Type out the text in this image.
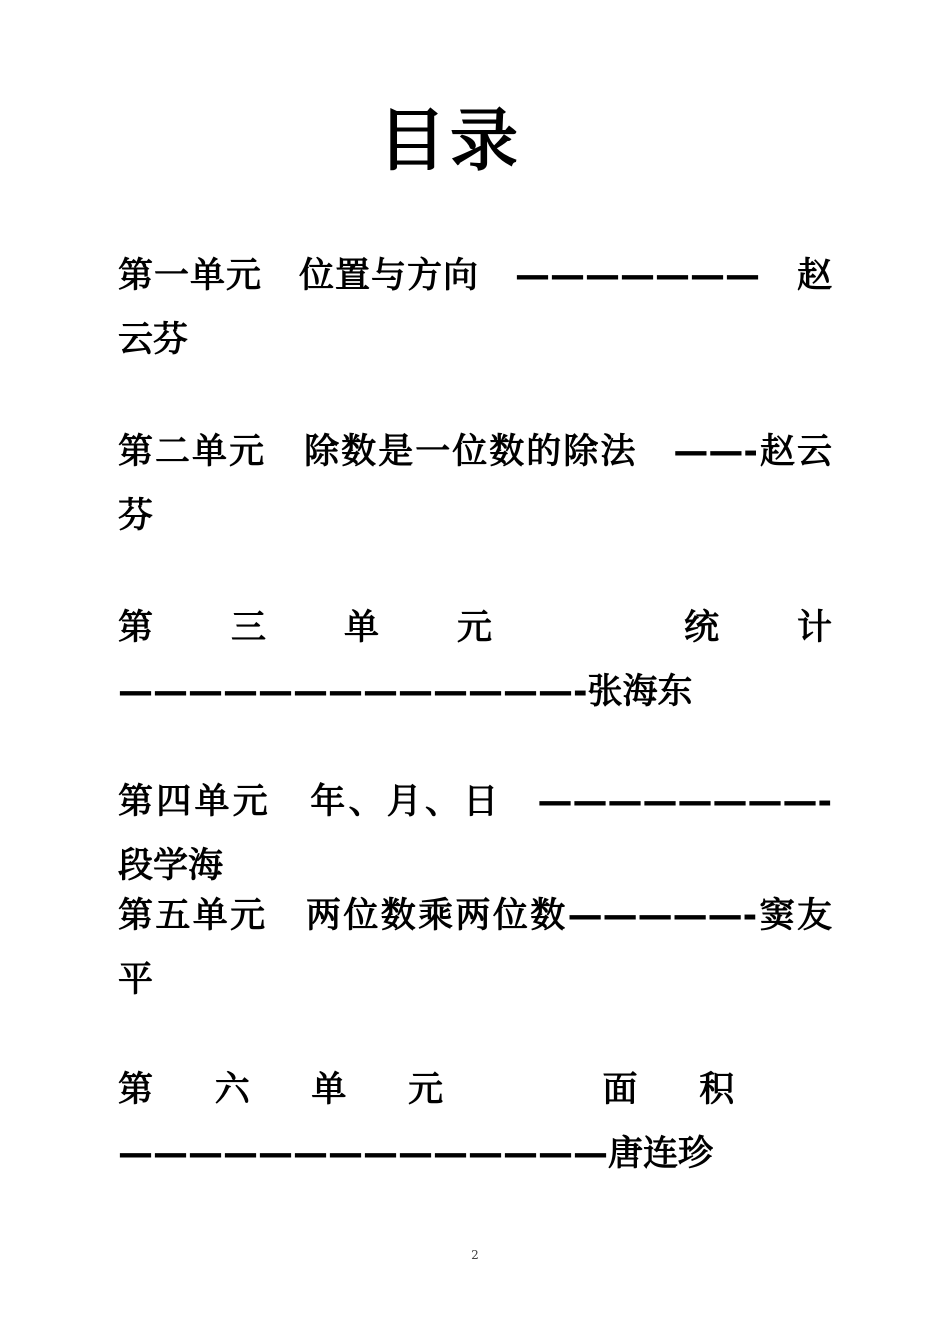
目录
第一单元 位置与方向 ——————— 赵云芬
第二单元 除数是一位数的除法 ——-赵云芬
第三单元 统计—————————————-张海东
第四单元 年、月、日 ————————-段学海
第五单元 两位数乘两位数—————-窦友平
第六单元 面积——————————————唐连珍
2
